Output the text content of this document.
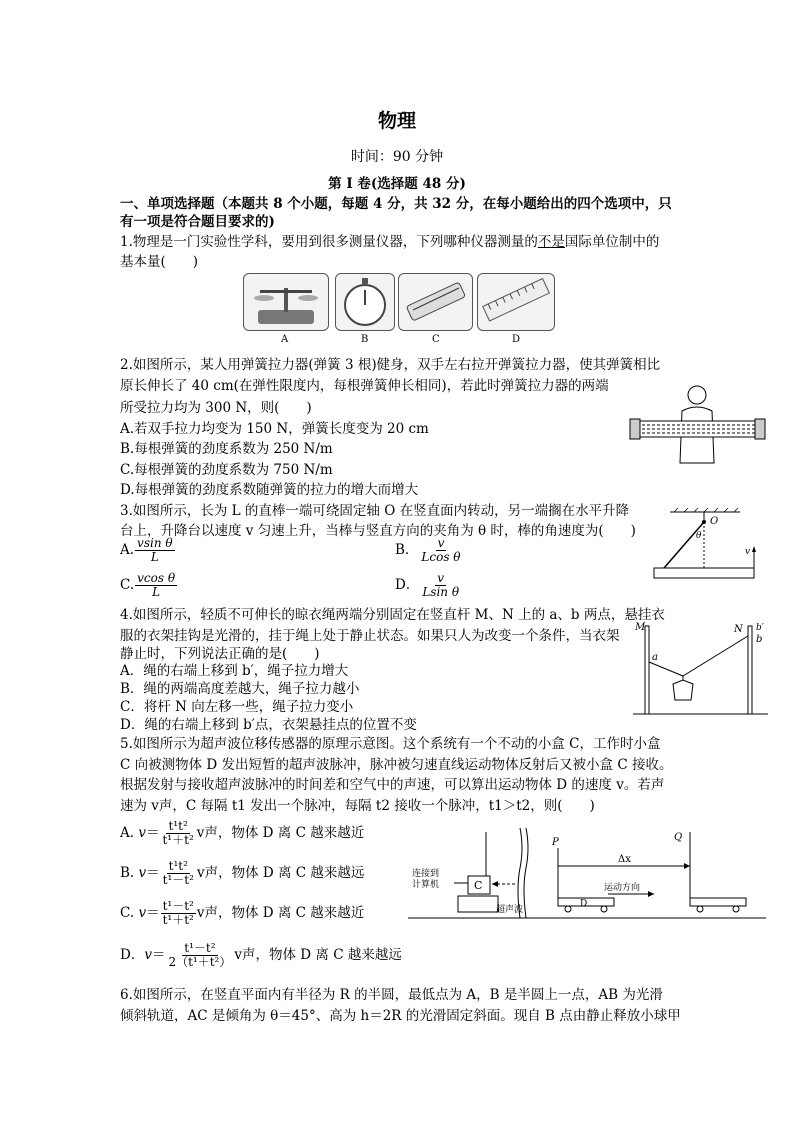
物理
时间：90 分钟
第 I 卷(选择题 48 分)
一、单项选择题（本题共 8 个小题，每题 4 分，共 32 分，在每小题给出的四个选项中，只
有一项是符合题目要求的)
1.物理是一门实验性学科，要用到很多测量仪器，下列哪种仪器测量的不是国际单位制中的
基本量(　　)
A	B	C	D
2.如图所示，某人用弹簧拉力器(弹簧 3 根)健身，双手左右拉开弹簧拉力器，使其弹簧相比
原长伸长了 40 cm(在弹性限度内，每根弹簧伸长相同)，若此时弹簧拉力器的两端
所受拉力均为 300 N，则(　　)
A.若双手拉力均变为 150 N，弹簧长度变为 20 cm
B.每根弹簧的劲度系数为 250 N/m
C.每根弹簧的劲度系数为 750 N/m
D.每根弹簧的劲度系数随弹簧的拉力的增大而增大
3.如图所示，长为 L 的直棒一端可绕固定轴 O 在竖直面内转动，另一端搁在水平升降
台上，升降台以速度 v 匀速上升，当棒与竖直方向的夹角为 θ 时，棒的角速度为(　　)
A. $\frac{\text{vsin θ}}{L}$	B． $\frac{v}{\text{Lcos θ}}$
C. $\frac{\text{vcos θ}}{L}$	D． $\frac{v}{\text{Lsin θ}}$
O
θ
v
4.如图所示，轻质不可伸长的晾衣绳两端分别固定在竖直杆 M、N 上的 a、b 两点，悬挂衣
服的衣架挂钩是光滑的，挂于绳上处于静止状态。如果只人为改变一个条件，当衣架
静止时，下列说法正确的是(　　)
A．绳的右端上移到 b′，绳子拉力增大
B．绳的两端高度差越大，绳子拉力越小
C．将杆 N 向左移一些，绳子拉力变小
D．绳的右端上移到 b′点，衣架悬挂点的位置不变
M	N
a
b′
b
5.如图所示为超声波位移传感器的原理示意图。这个系统有一个不动的小盒 C，工作时小盒
C 向被测物体 D 发出短暂的超声波脉冲，脉冲被匀速直线运动物体反射后又被小盒 C 接收。
根据发射与接收超声波脉冲的时间差和空气中的声速，可以算出运动物体 D 的速度 v。若声
速为 v声，C 每隔 t1 发出一个脉冲，每隔 t2 接收一个脉冲，t1＞t2，则(　　)
A. $v= \frac{\text{t¹t²}}{\text{t¹＋t²}}$ v声，物体 D 离 C 越来越近
B. $v= \frac{\text{t¹t²}}{\text{t¹－t²}}$ v声，物体 D 离 C 越来越远
C. $v= \frac{\text{t¹－t²}}{\text{t¹＋t²}}$ v声，物体 D 离 C 越来越近
D．$v= \frac{\text{t¹－t²}}{\text{2（t¹＋t²）}}$ v声，物体 D 离 C 越来越远
连接到
计算机	C
超声波
P
D
Q
Δx
运动方向
6.如图所示，在竖直平面内有半径为 R 的半圆，最低点为 A，B 是半圆上一点，AB 为光滑
倾斜轨道，AC 是倾角为 θ＝45°、高为 h＝2R 的光滑固定斜面。现自 B 点由静止释放小球甲
